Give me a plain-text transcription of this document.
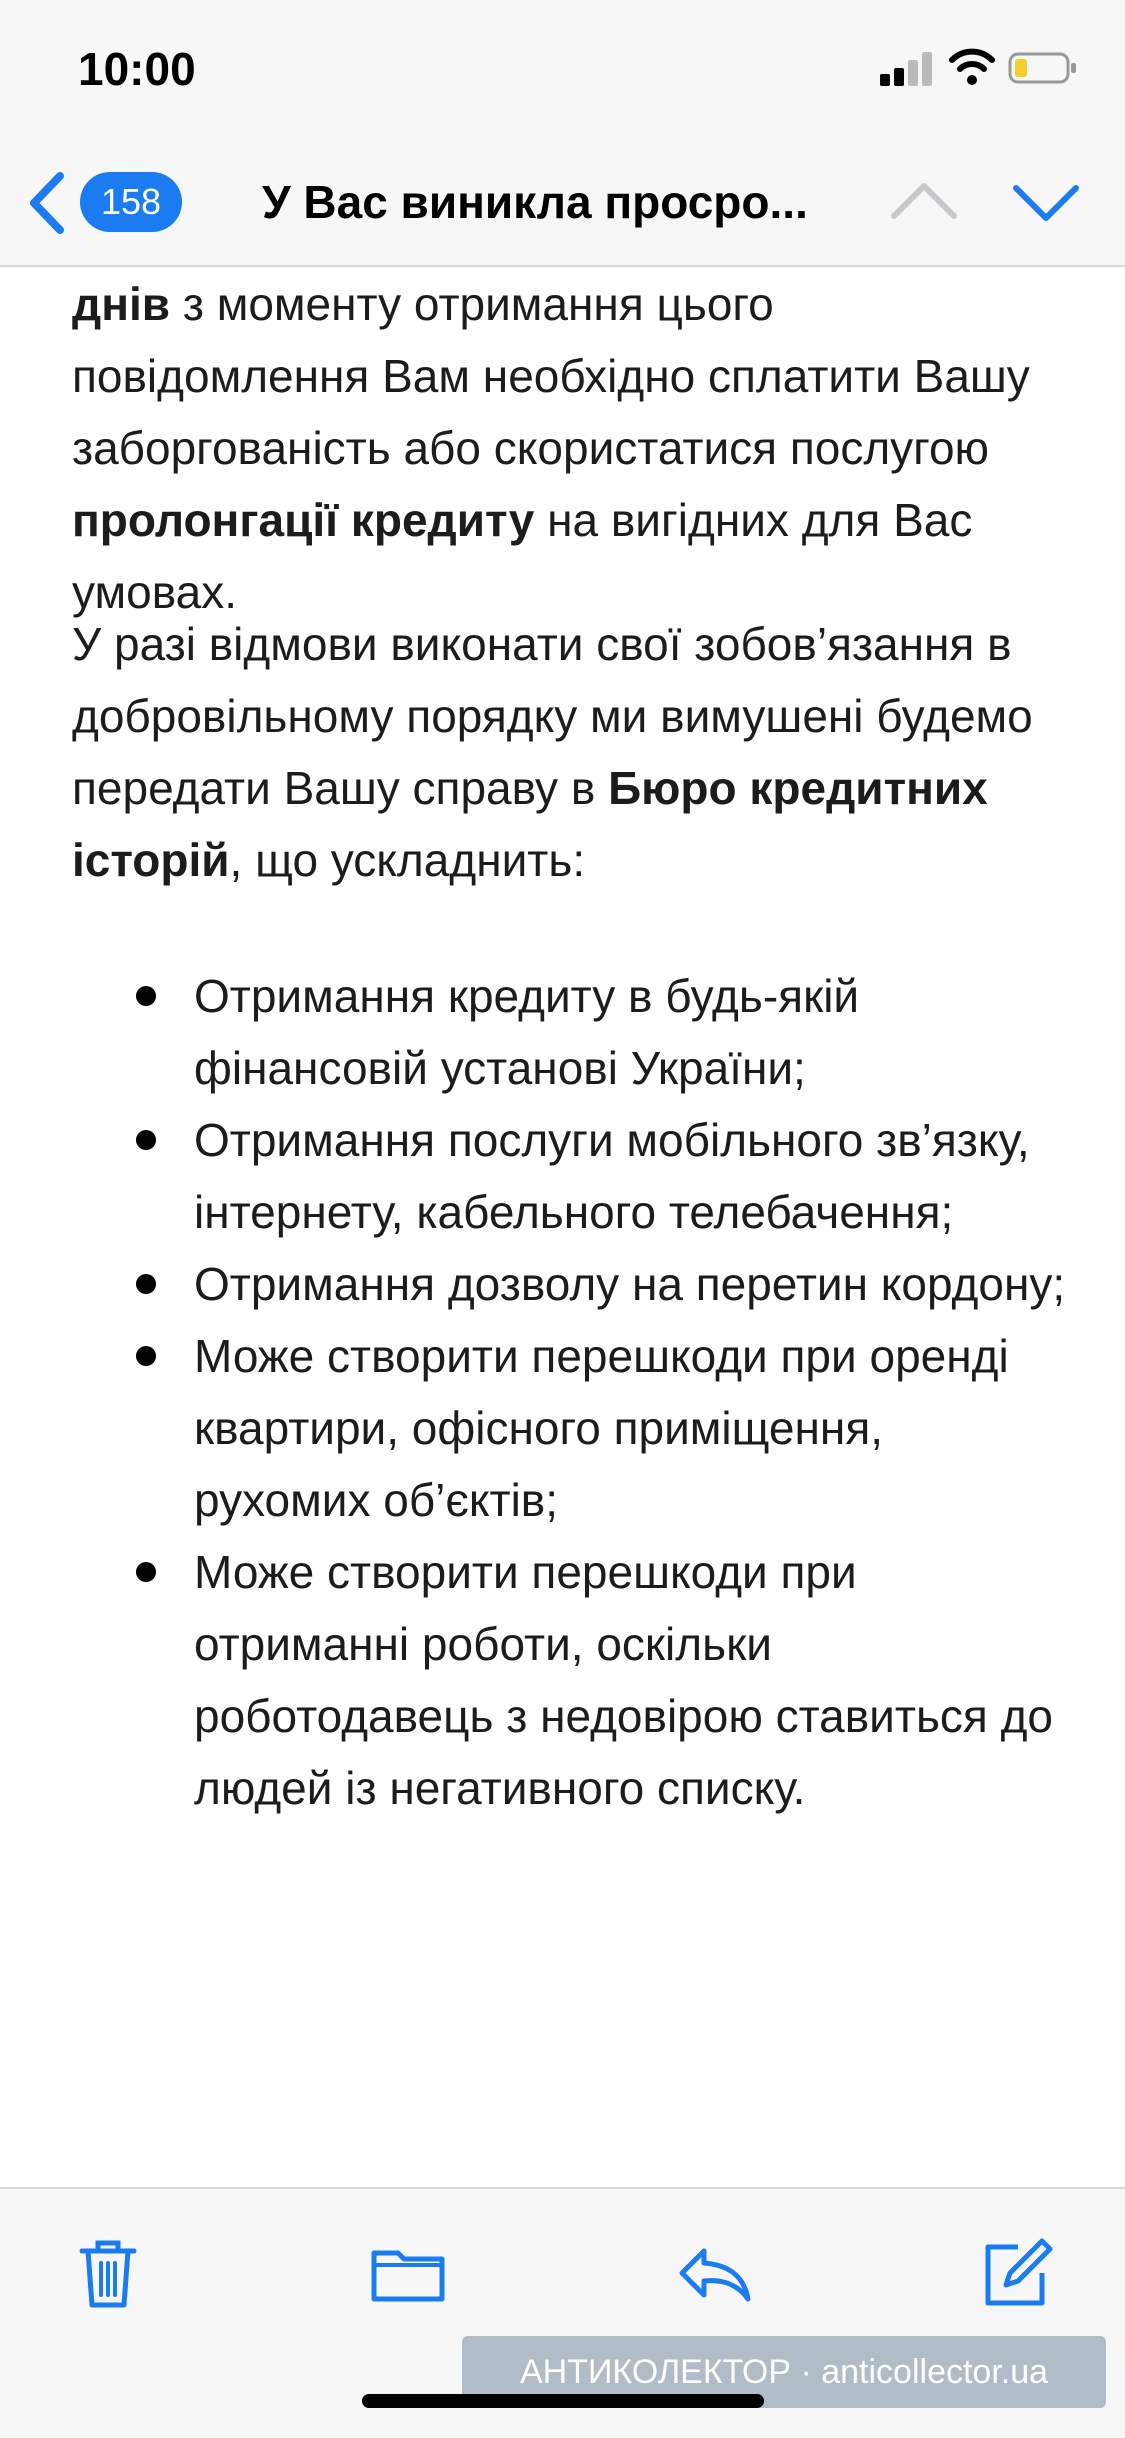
10:00
158	У Вас виникла просро...

днів з моменту отримання цього повідомлення Вам необхідно сплатити Вашу заборгованість або скористатися послугою пролонгації кредиту на вигідних для Вас умовах.

У разі відмови виконати свої зобов’язання в добровільному порядку ми вимушені будемо передати Вашу справу в Бюро кредитних історій, що ускладнить:

Отримання кредиту в будь-якій фінансовій установі України;
Отримання послуги мобільного зв’язку, інтернету, кабельного телебачення;
Отримання дозволу на перетин кордону;
Може створити перешкоди при оренді квартири, офісного приміщення, рухомих об’єктів;
Може створити перешкоди при отриманні роботи, оскільки роботодавець з недовірою ставиться до людей із негативного списку.
АНТИКОЛЕКТОР · anticollector.ua
